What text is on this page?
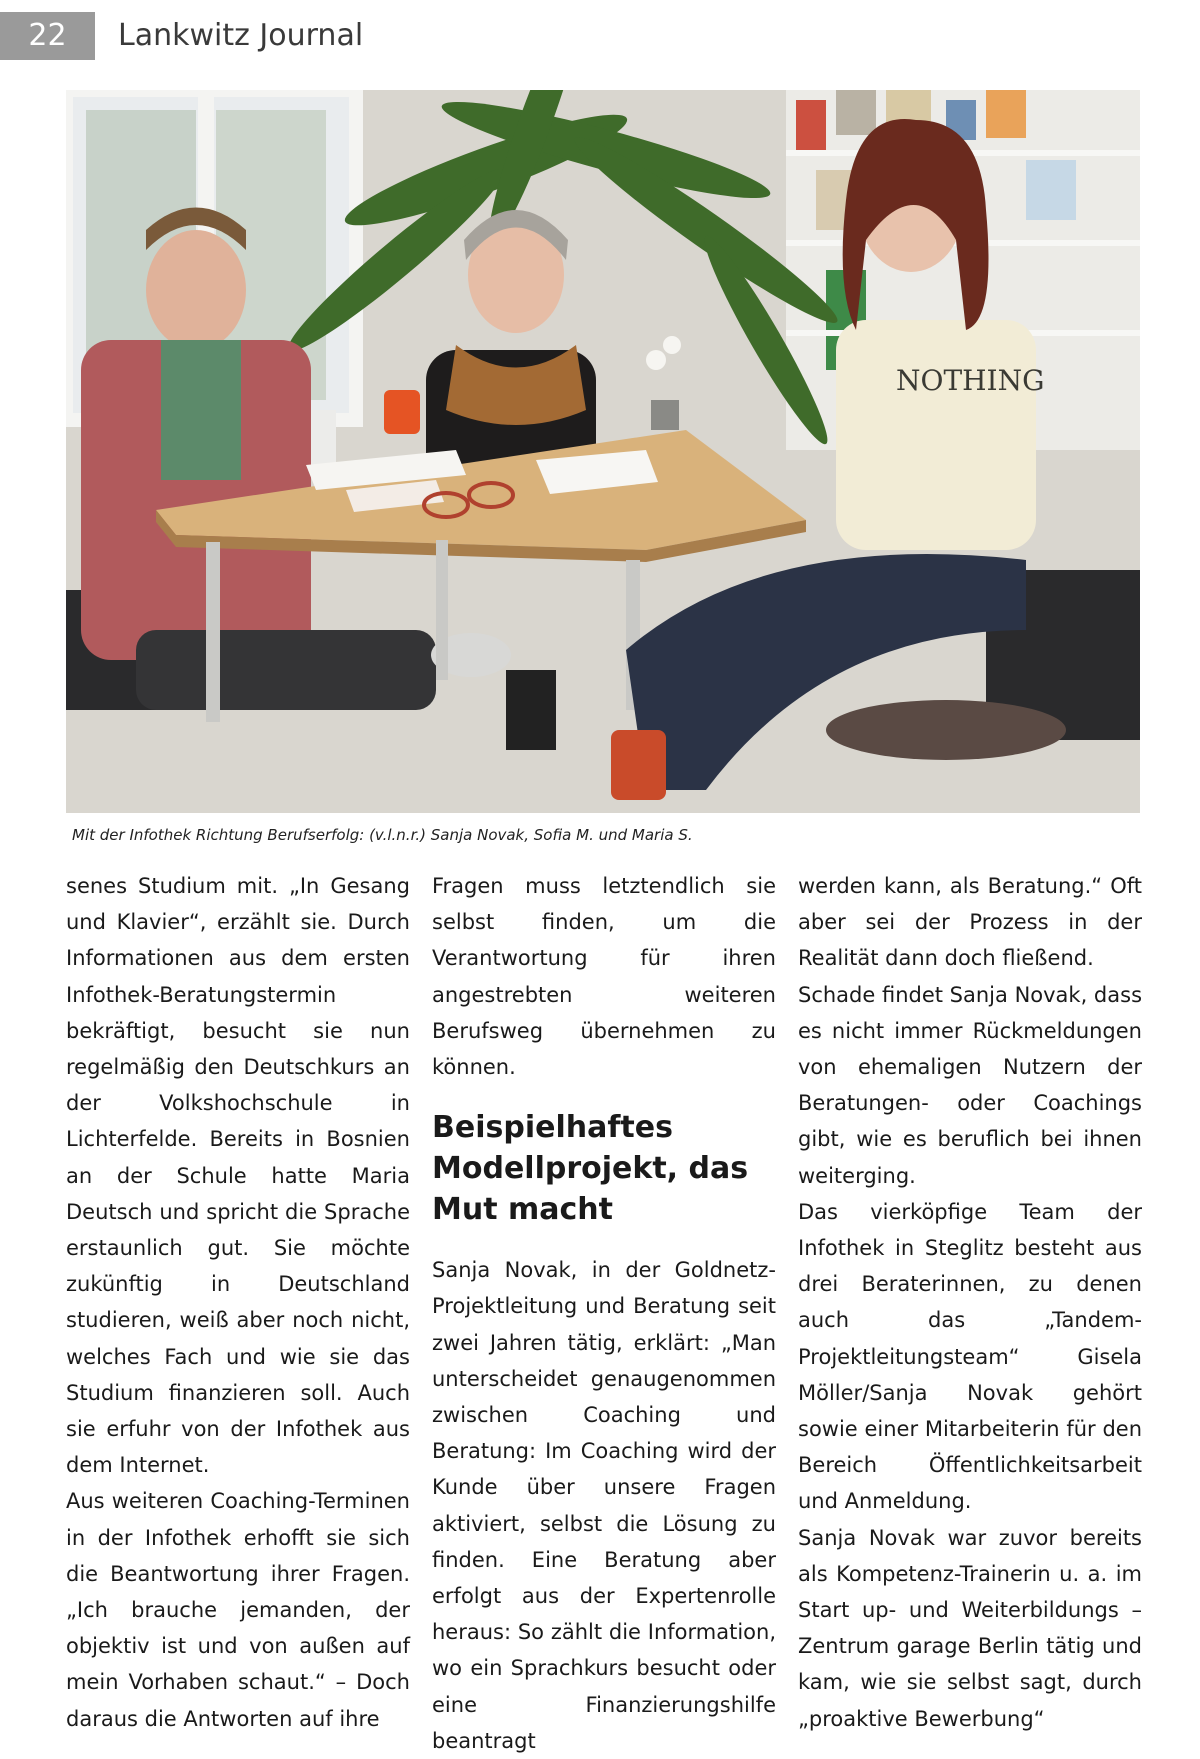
22	Lankwitz Journal
NOTHING
Mit der Infothek Richtung Berufserfolg: (v.l.n.r.) Sanja Novak, Sofia M. und Maria S.

senes Studium mit. „In Gesang und Klavier“, erzählt sie. Durch Informationen aus dem ersten Infothek-Beratungstermin bekräftigt, besucht sie nun regelmäßig den Deutschkurs an der Volkshochschule in Lichterfelde. Bereits in Bosnien an der Schule hatte Maria Deutsch und spricht die Sprache erstaunlich gut. Sie möchte zukünftig in Deutschland studieren, weiß aber noch nicht, welches Fach und wie sie das Studium finanzieren soll. Auch sie erfuhr von der Infothek aus dem Internet.

Aus weiteren Coaching-Terminen in der Infothek erhofft sie sich die Beantwortung ihrer Fragen. „Ich brauche jemanden, der objektiv ist und von außen auf mein Vorhaben schaut.“ – Doch daraus die Antworten auf ihre

Fragen muss letztendlich sie selbst finden, um die Verantwortung für ihren angestrebten weiteren Berufsweg übernehmen zu können.

Beispielhaftes Modellprojekt, das Mut macht

Sanja Novak, in der Goldnetz-Projektleitung und Beratung seit zwei Jahren tätig, erklärt: „Man unterscheidet genaugenommen zwischen Coaching und Beratung: Im Coaching wird der Kunde über unsere Fragen aktiviert, selbst die Lösung zu finden. Eine Beratung aber erfolgt aus der Expertenrolle heraus: So zählt die Information, wo ein Sprachkurs besucht oder eine Finanzierungshilfe beantragt

werden kann, als Beratung.“ Oft aber sei der Prozess in der Realität dann doch fließend.

Schade findet Sanja Novak, dass es nicht immer Rückmeldungen von ehemaligen Nutzern der Beratungen- oder Coachings gibt, wie es beruflich bei ihnen weiterging.

Das vierköpfige Team der Infothek in Steglitz besteht aus drei Beraterinnen, zu denen auch das „Tandem-Projektleitungsteam“ Gisela Möller/Sanja Novak gehört sowie einer Mitarbeiterin für den Bereich Öffentlichkeitsarbeit und Anmeldung.

Sanja Novak war zuvor bereits als Kompetenz-Trainerin u. a. im Start up- und Weiterbildungs – Zentrum garage Berlin tätig und kam, wie sie selbst sagt, durch „proaktive Bewerbung“
